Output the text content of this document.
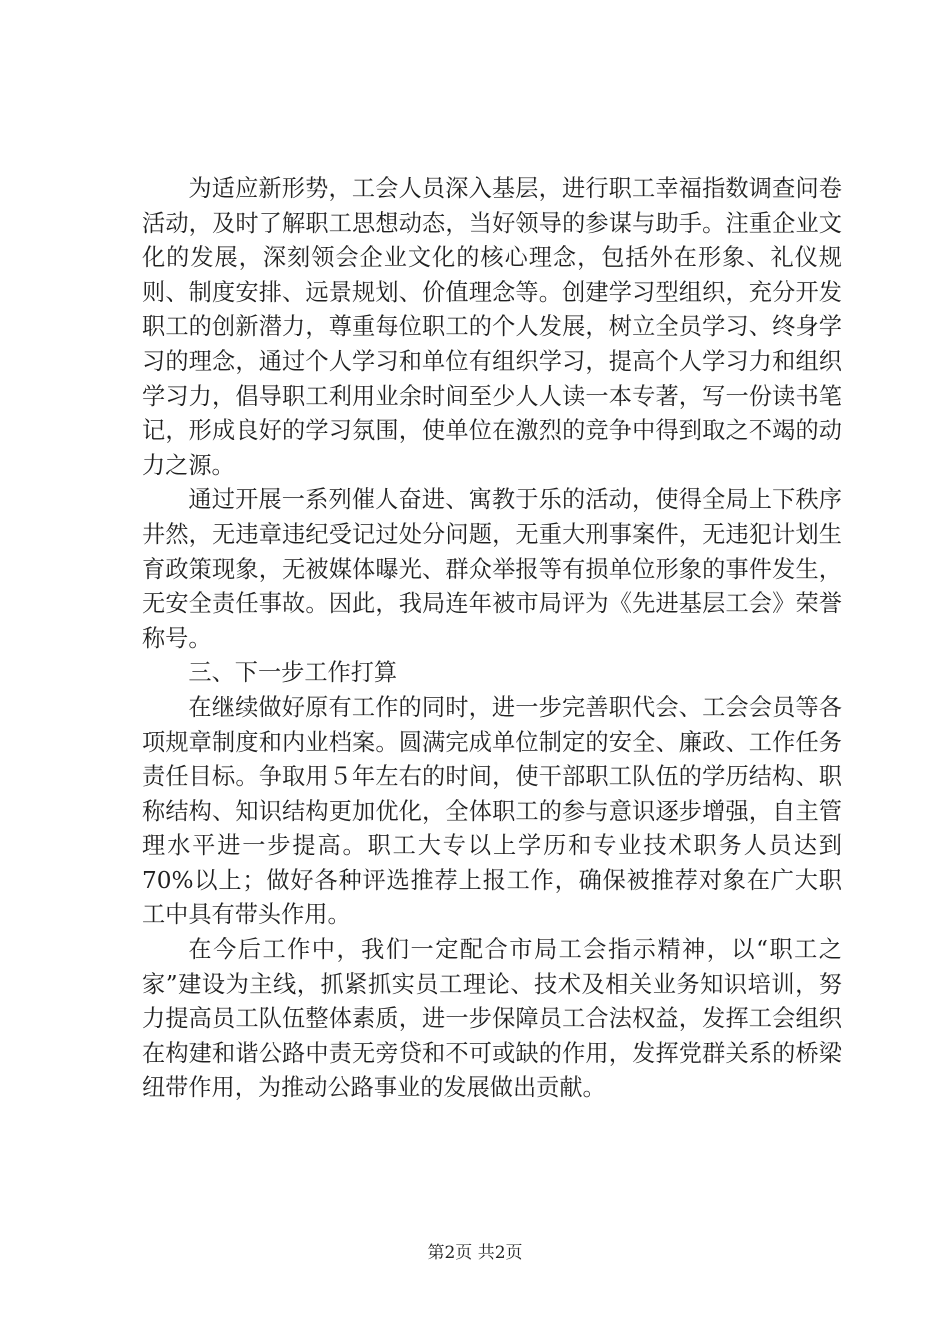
为适应新形势，工会人员深入基层，进行职工幸福指数调查问卷活动，及时了解职工思想动态，当好领导的参谋与助手。注重企业文化的发展，深刻领会企业文化的核心理念，包括外在形象、礼仪规则、制度安排、远景规划、价值理念等。创建学习型组织，充分开发职工的创新潜力，尊重每位职工的个人发展，树立全员学习、终身学习的理念，通过个人学习和单位有组织学习，提高个人学习力和组织学习力，倡导职工利用业余时间至少人人读一本专著，写一份读书笔记，形成良好的学习氛围，使单位在激烈的竞争中得到取之不竭的动力之源。

通过开展一系列催人奋进、寓教于乐的活动，使得全局上下秩序井然，无违章违纪受记过处分问题，无重大刑事案件，无违犯计划生育政策现象，无被媒体曝光、群众举报等有损单位形象的事件发生，无安全责任事故。因此，我局连年被市局评为《先进基层工会》荣誉称号。

三、下一步工作打算

在继续做好原有工作的同时，进一步完善职代会、工会会员等各项规章制度和内业档案。圆满完成单位制定的安全、廉政、工作任务责任目标。争取用５年左右的时间，使干部职工队伍的学历结构、职称结构、知识结构更加优化，全体职工的参与意识逐步增强，自主管理水平进一步提高。职工大专以上学历和专业技术职务人员达到70%以上；做好各种评选推荐上报工作，确保被推荐对象在广大职工中具有带头作用。

在今后工作中，我们一定配合市局工会指示精神，以“职工之家”建设为主线，抓紧抓实员工理论、技术及相关业务知识培训，努力提高员工队伍整体素质，进一步保障员工合法权益，发挥工会组织在构建和谐公路中责无旁贷和不可或缺的作用，发挥党群关系的桥梁纽带作用，为推动公路事业的发展做出贡献。

第2页 共2页
